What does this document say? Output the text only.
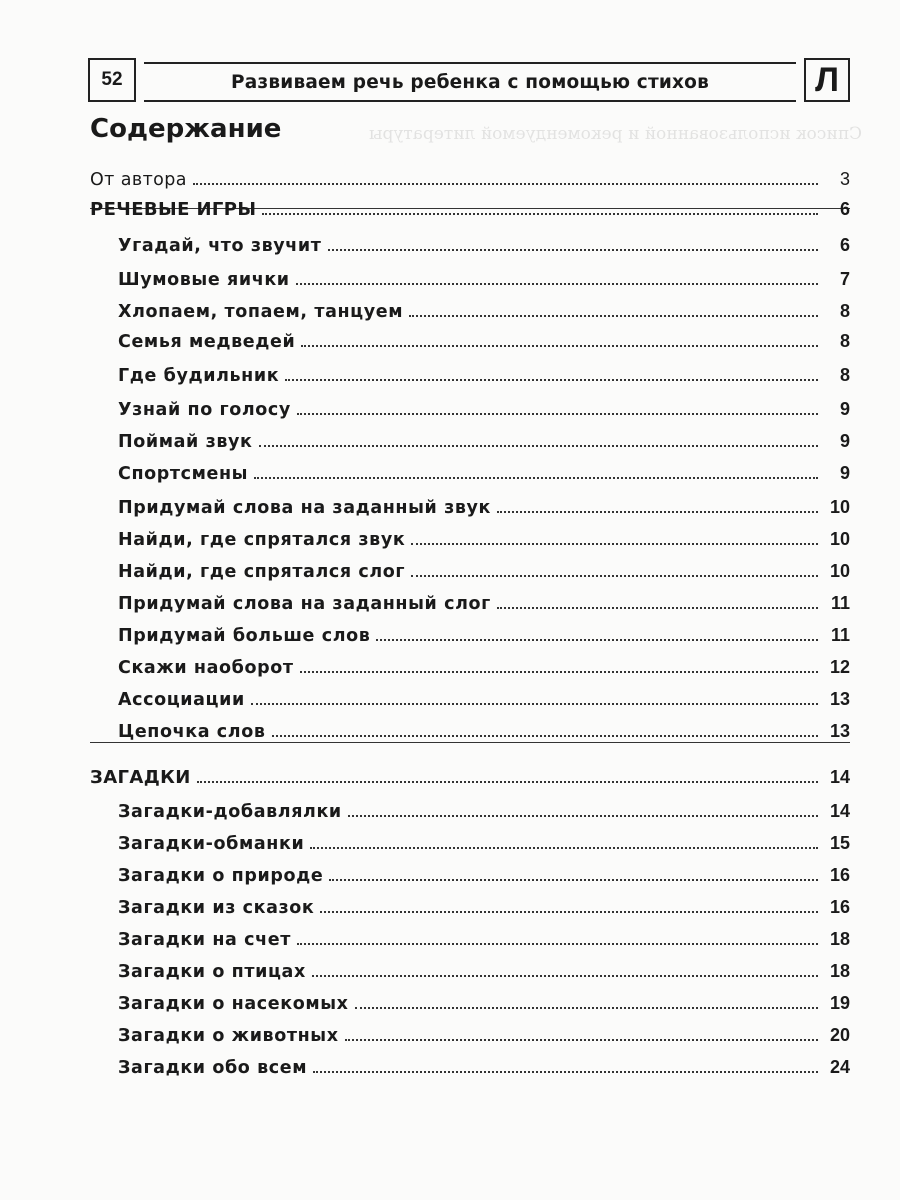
52	Развиваем речь ребенка с помощью стихов	Л
Список использованной и рекомендуемой литературы
Содержание
От автора	3
РЕЧЕВЫЕ ИГРЫ	6
Угадай, что звучит	6
Шумовые яички	7
Хлопаем, топаем, танцуем	8
Семья медведей	8
Где будильник	8
Узнай по голосу	9
Поймай звук	9
Спортсмены	9
Придумай слова на заданный звук	10
Найди, где спрятался звук	10
Найди, где спрятался слог	10
Придумай слова на заданный слог	11
Придумай больше слов	11
Скажи наоборот	12
Ассоциации	13
Цепочка слов	13
ЗАГАДКИ	14
Загадки-добавлялки	14
Загадки-обманки	15
Загадки о природе	16
Загадки из сказок	16
Загадки на счет	18
Загадки о птицах	18
Загадки о насекомых	19
Загадки о животных	20
Загадки обо всем	24
